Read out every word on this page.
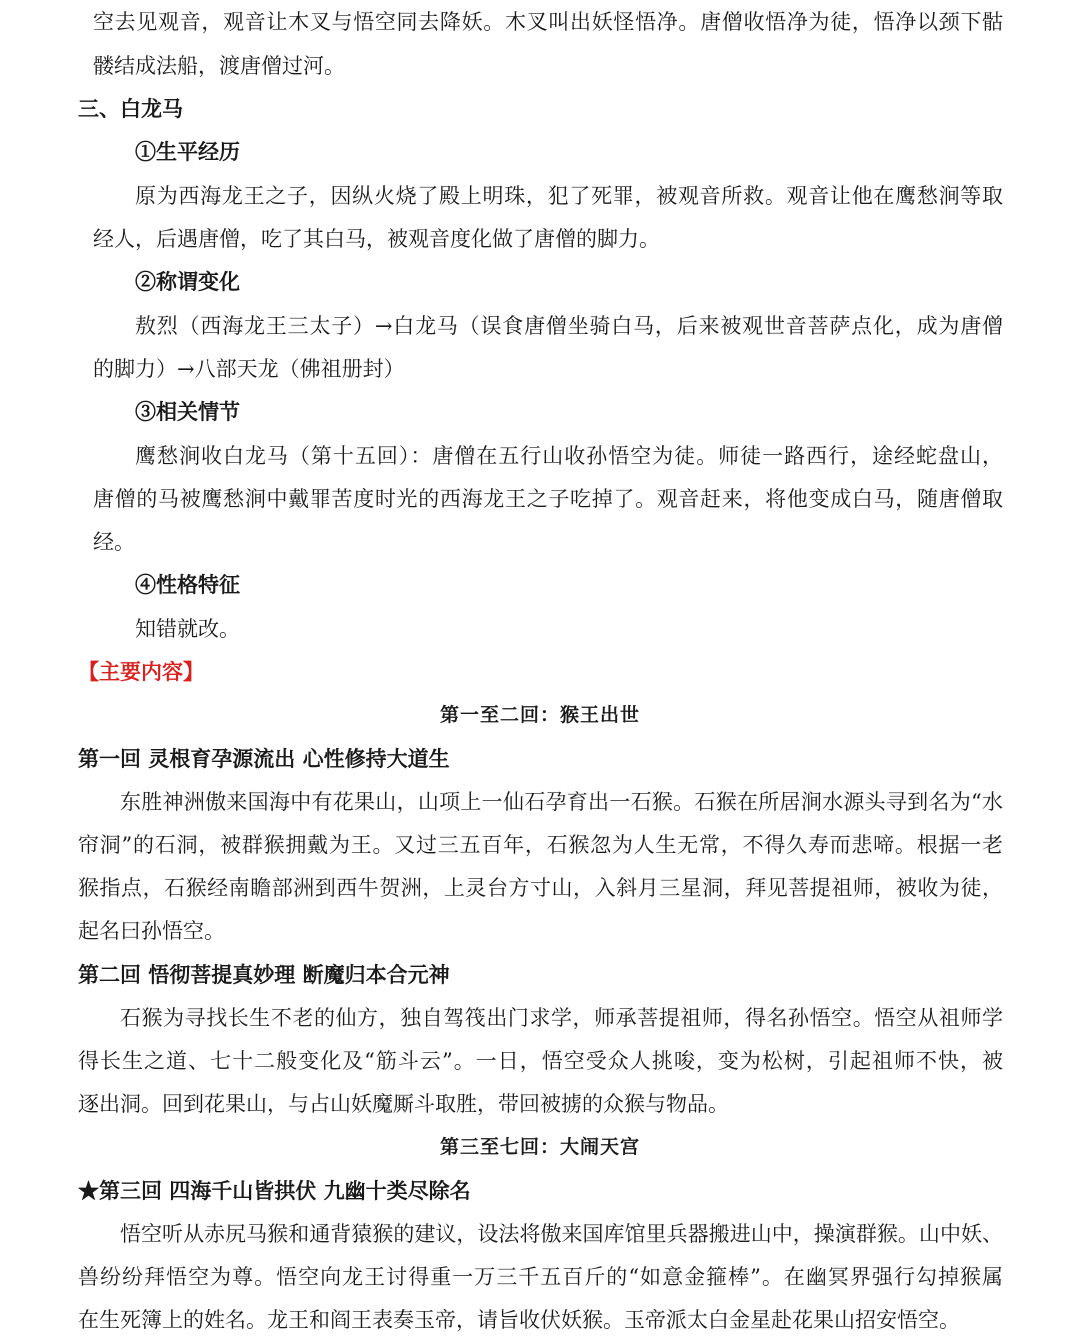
空去见观音，观音让木叉与悟空同去降妖。木叉叫出妖怪悟净。唐僧收悟净为徒，悟净以颈下骷
髅结成法船，渡唐僧过河。
三、白龙马
①生平经历
原为西海龙王之子，因纵火烧了殿上明珠，犯了死罪，被观音所救。观音让他在鹰愁涧等取
经人，后遇唐僧，吃了其白马，被观音度化做了唐僧的脚力。
②称谓变化
敖烈（西海龙王三太子）→白龙马（误食唐僧坐骑白马，后来被观世音菩萨点化，成为唐僧
的脚力）→八部天龙（佛祖册封）
③相关情节
鹰愁涧收白龙马（第十五回）：唐僧在五行山收孙悟空为徒。师徒一路西行，途经蛇盘山，
唐僧的马被鹰愁涧中戴罪苦度时光的西海龙王之子吃掉了。观音赶来，将他变成白马，随唐僧取
经。
④性格特征
知错就改。
【主要内容】
第一至二回：猴王出世
第一回 灵根育孕源流出 心性修持大道生
东胜神洲傲来国海中有花果山，山项上一仙石孕育出一石猴。石猴在所居涧水源头寻到名为“水
帘洞”的石洞，被群猴拥戴为王。又过三五百年，石猴忽为人生无常，不得久寿而悲啼。根据一老
猴指点，石猴经南瞻部洲到西牛贺洲，上灵台方寸山，入斜月三星洞，拜见菩提祖师，被收为徒，
起名曰孙悟空。
第二回 悟彻菩提真妙理 断魔归本合元神
石猴为寻找长生不老的仙方，独自驾筏出门求学，师承菩提祖师，得名孙悟空。悟空从祖师学
得长生之道、七十二般变化及“筋斗云”。一日，悟空受众人挑唆，变为松树，引起祖师不快，被
逐出洞。回到花果山，与占山妖魔厮斗取胜，带回被掳的众猴与物品。
第三至七回：大闹天宫
★第三回 四海千山皆拱伏 九幽十类尽除名
悟空听从赤尻马猴和通背猿猴的建议，设法将傲来国库馆里兵器搬进山中，操演群猴。山中妖、
兽纷纷拜悟空为尊。悟空向龙王讨得重一万三千五百斤的“如意金箍棒”。在幽冥界强行勾掉猴属
在生死簿上的姓名。龙王和阎王表奏玉帝，请旨收伏妖猴。玉帝派太白金星赴花果山招安悟空。
